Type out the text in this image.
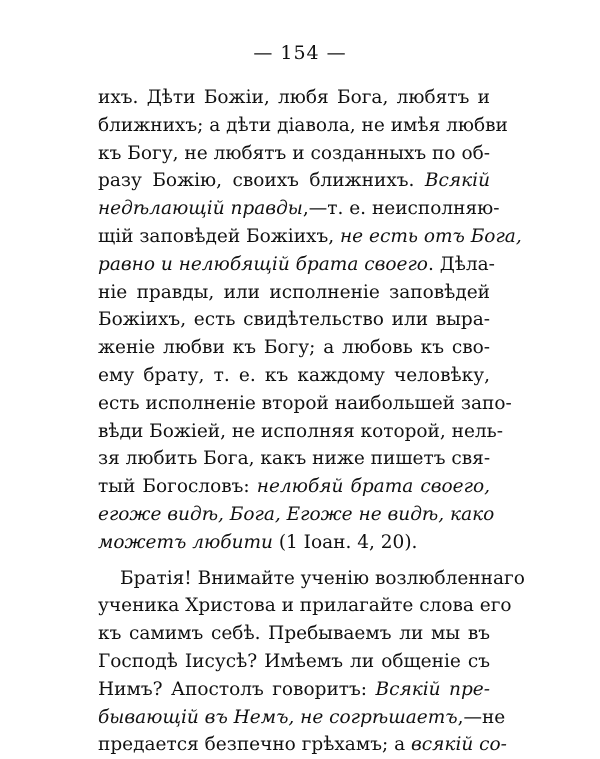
— 154 —
ихъ. Дѣти Божіи, любя Бога, любятъ и
ближнихъ; а дѣти діавола, не имѣя любви
къ Богу, не любятъ и созданныхъ по об-
разу Божію, своихъ ближнихъ. Всякій
недѣлающій правды,—т. е. неисполняю-
щій заповѣдей Божіихъ, не есть отъ Бога,
равно и нелюбящій брата своего. Дѣла-
ніе правды, или исполненіе заповѣдей
Божіихъ, есть свидѣтельство или выра-
женіе любви къ Богу; а любовь къ сво-
ему брату, т. е. къ каждому человѣку,
есть исполненіе второй наибольшей запо-
вѣди Божіей, не исполняя которой, нель-
зя любить Бога, какъ ниже пишетъ свя-
тый Богословъ: нелюбяй брата своего,
егоже видѣ, Бога, Егоже не видѣ, како
можетъ любити (1 Іоан. 4, 20).
Братія! Внимайте ученію возлюбленнаго
ученика Христова и прилагайте слова его
къ самимъ себѣ. Пребываемъ ли мы въ
Господѣ Іисусѣ? Имѣемъ ли общеніе съ
Нимъ? Апостолъ говоритъ: Всякій пре-
бывающій въ Немъ, не согрѣшаетъ,—не
предается безпечно грѣхамъ; а всякій со-
